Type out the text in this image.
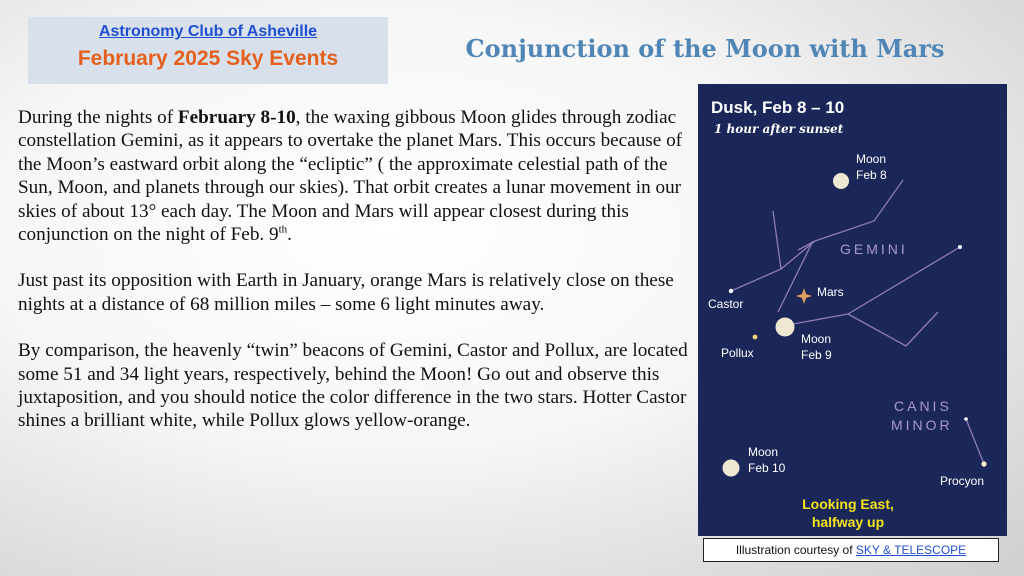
Astronomy Club of Asheville
February 2025 Sky Events	Conjunction of the Moon with Mars

During the nights of February 8-10, the waxing gibbous Moon glides through zodiac constellation Gemini, as it appears to overtake the planet Mars. This occurs because of the Moon’s eastward orbit along the “ecliptic” ( the approximate celestial path of the Sun, Moon, and planets through our skies). That orbit creates a lunar movement in our skies of about 13° each day. The Moon and Mars will appear closest during this conjunction on the night of Feb. 9th.

Just past its opposition with Earth in January, orange Mars is relatively close on these nights at a distance of 68 million miles – some 6 light minutes away.

By comparison, the heavenly “twin” beacons of Gemini, Castor and Pollux, are located some 51 and 34 light years, respectively, behind the Moon! Go out and observe this juxtaposition, and you should notice the color difference in the two stars. Hotter Castor shines a brilliant white, while Pollux glows yellow-orange.

Dusk, Feb 8 – 10
1 hour after sunset
Moon
Feb 8
GEMINI
Mars
Castor
Moon
Feb 9
Pollux
CANIS
MINOR
Moon
Feb 10
Procyon
Looking East,
halfway up
Illustration courtesy of SKY & TELESCOPE
